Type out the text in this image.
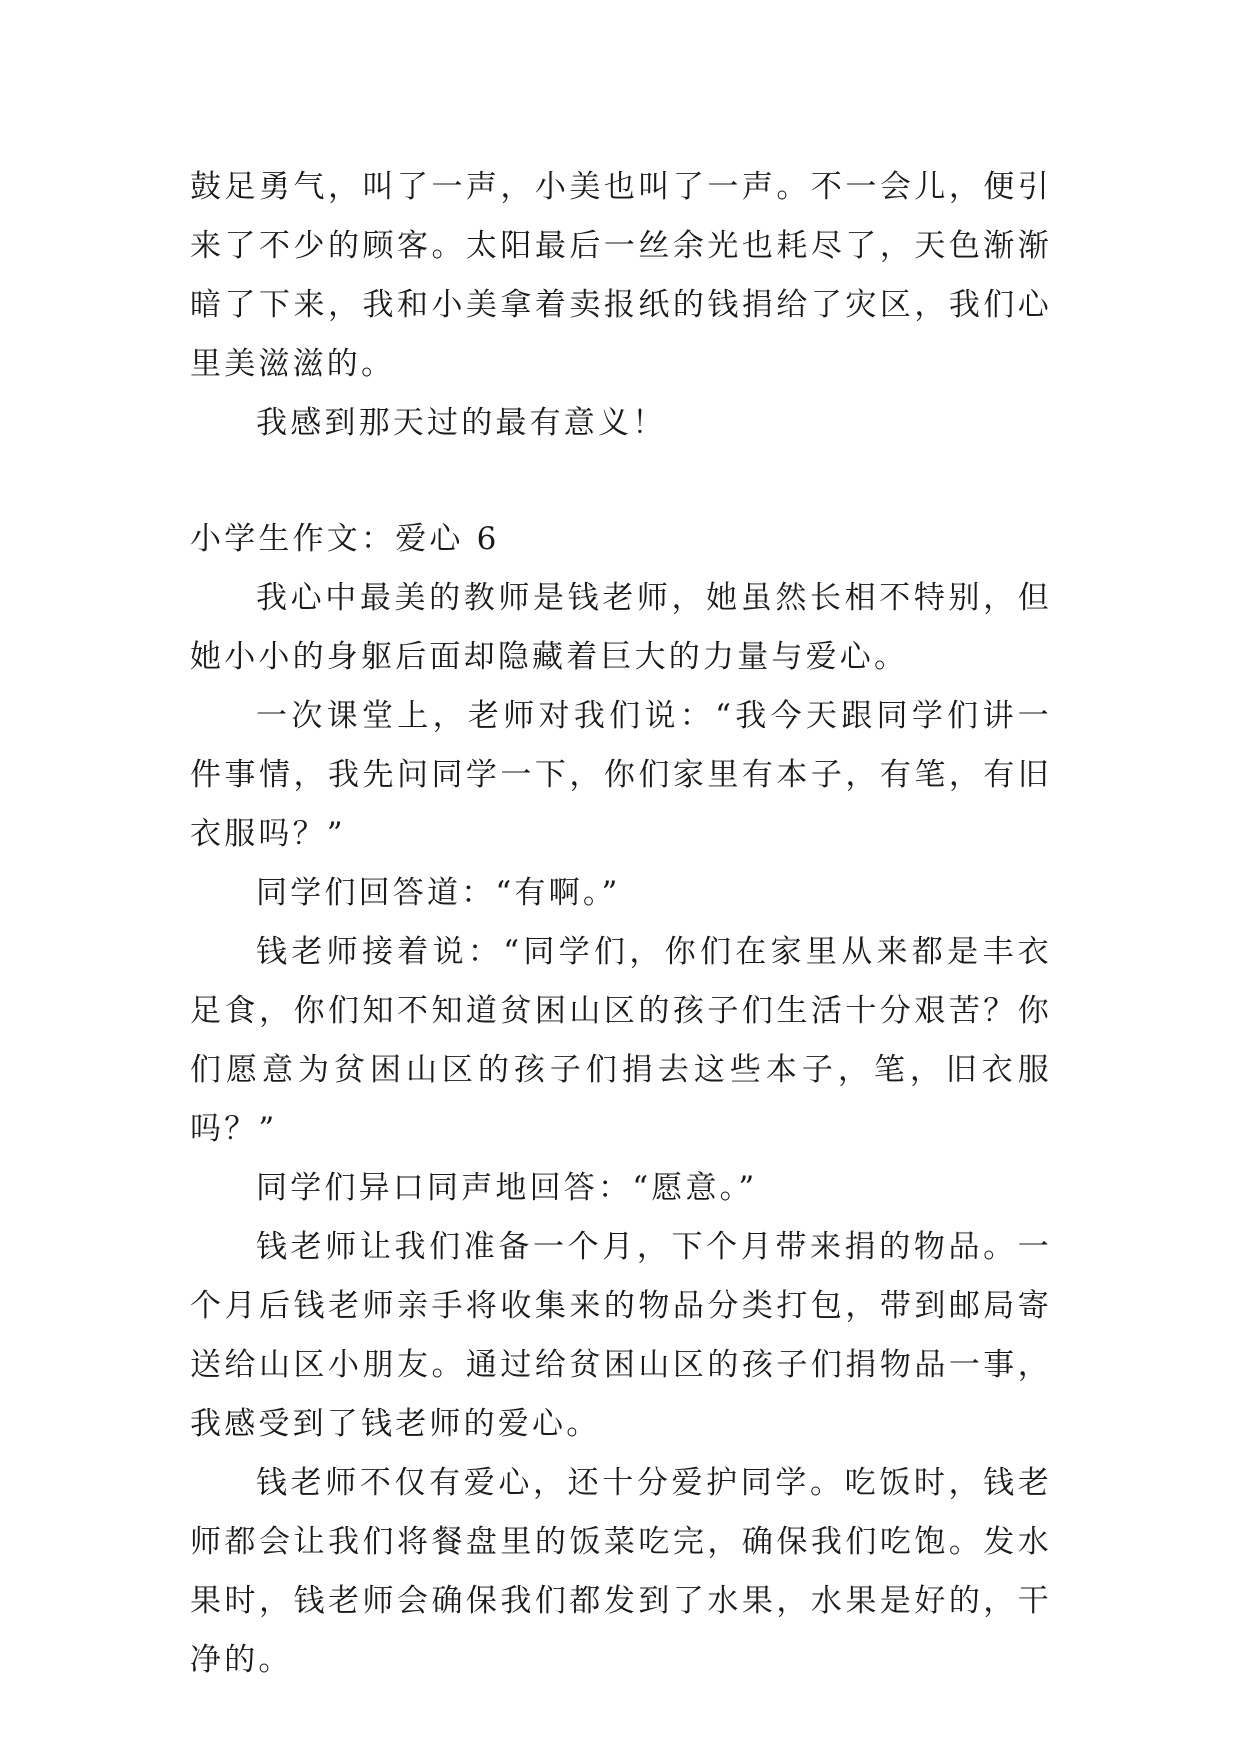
鼓足勇气，叫了一声，小美也叫了一声。不一会儿，便引来了不少的顾客。太阳最后一丝余光也耗尽了，天色渐渐暗了下来，我和小美拿着卖报纸的钱捐给了灾区，我们心里美滋滋的。

我感到那天过的最有意义！

小学生作文：爱心 6

我心中最美的教师是钱老师，她虽然长相不特别，但她小小的身躯后面却隐藏着巨大的力量与爱心。

一次课堂上，老师对我们说：“我今天跟同学们讲一件事情，我先问同学一下，你们家里有本子，有笔，有旧衣服吗？”

同学们回答道：“有啊。”

钱老师接着说：“同学们，你们在家里从来都是丰衣足食，你们知不知道贫困山区的孩子们生活十分艰苦？你们愿意为贫困山区的孩子们捐去这些本子，笔，旧衣服吗？”

同学们异口同声地回答：“愿意。”

钱老师让我们准备一个月，下个月带来捐的物品。一个月后钱老师亲手将收集来的物品分类打包，带到邮局寄送给山区小朋友。通过给贫困山区的孩子们捐物品一事，我感受到了钱老师的爱心。

钱老师不仅有爱心，还十分爱护同学。吃饭时，钱老师都会让我们将餐盘里的饭菜吃完，确保我们吃饱。发水果时，钱老师会确保我们都发到了水果，水果是好的，干净的。
